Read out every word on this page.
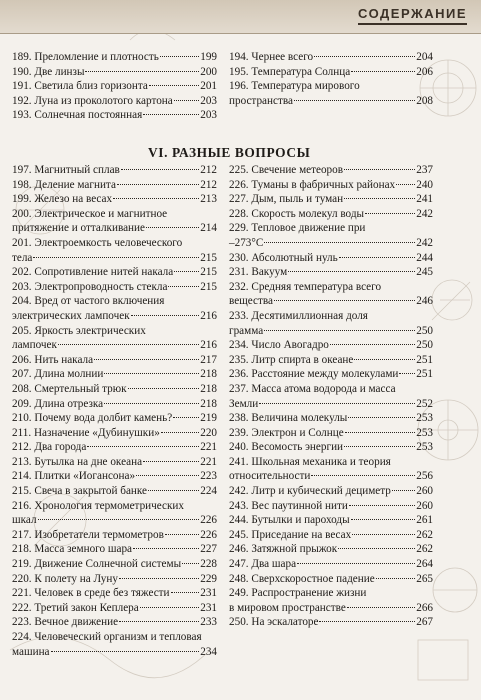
СОДЕРЖАНИЕ
189. Преломление и плотность	199
190. Две линзы	200
191. Светила близ горизонта	201
192. Луна из проколотого картона 203
193. Солнечная постоянная	203
194. Чернее всего	204
195. Температура Солнца	206
196. Температура мирового
пространства	208
VI. РАЗНЫЕ ВОПРОСЫ
197. Магнитный сплав	212
198. Деление магнита	212
199. Железо на весах	213
200. Электрическое и магнитное
притяжение и отталкивание	214
201. Электроемкость человеческого
тела	215
202. Сопротивление нитей накала 215
203. Электропроводность стекла	215
204. Вред от частого включения
электрических лампочек	216
205. Яркость электрических
лампочек	216
206. Нить накала	217
207. Длина молнии	218
208. Смертельный трюк	218
209. Длина отрезка	218
210. Почему вода долбит камень?	219
211. Назначение «Дубинушки»	220
212. Два города	221
213. Бутылка на дне океана	221
214. Плитки «Иогансона»	223
215. Свеча в закрытой банке	224
216. Хронология термометрических
шкал	226
217. Изобретатели термометров	226
218. Масса земного шара	227
219. Движение Солнечной системы 228
220. К полету на Луну	229
221. Человек в среде без тяжести	231
222. Третий закон Кеплера	231
223. Вечное движение	233
224. Человеческий организм и тепловая
машина	234
225. Свечение метеоров	237
226. Туманы в фабричных районах 240
227. Дым, пыль и туман	241
228. Скорость молекул воды	242
229. Тепловое движение при
–273°C	242
230. Абсолютный нуль	244
231. Вакуум	245
232. Средняя температура всего
вещества	246
233. Десятимиллионная доля
грамма	250
234. Число Авогадро	250
235. Литр спирта в океане	251
236. Расстояние между молекулами 251
237. Масса атома водорода и масса
Земли	252
238. Величина молекулы	253
239. Электрон и Солнце	253
240. Весомость энергии	253
241. Школьная механика и теория
относительности	256
242. Литр и кубический дециметр 260
243. Вес паутинной нити	260
244. Бутылки и пароходы	261
245. Приседание на весах	262
246. Затяжной прыжок	262
247. Два шара	264
248. Сверхскоростное падение	265
249. Распространение жизни
в мировом пространстве	266
250. На эскалаторе	267
